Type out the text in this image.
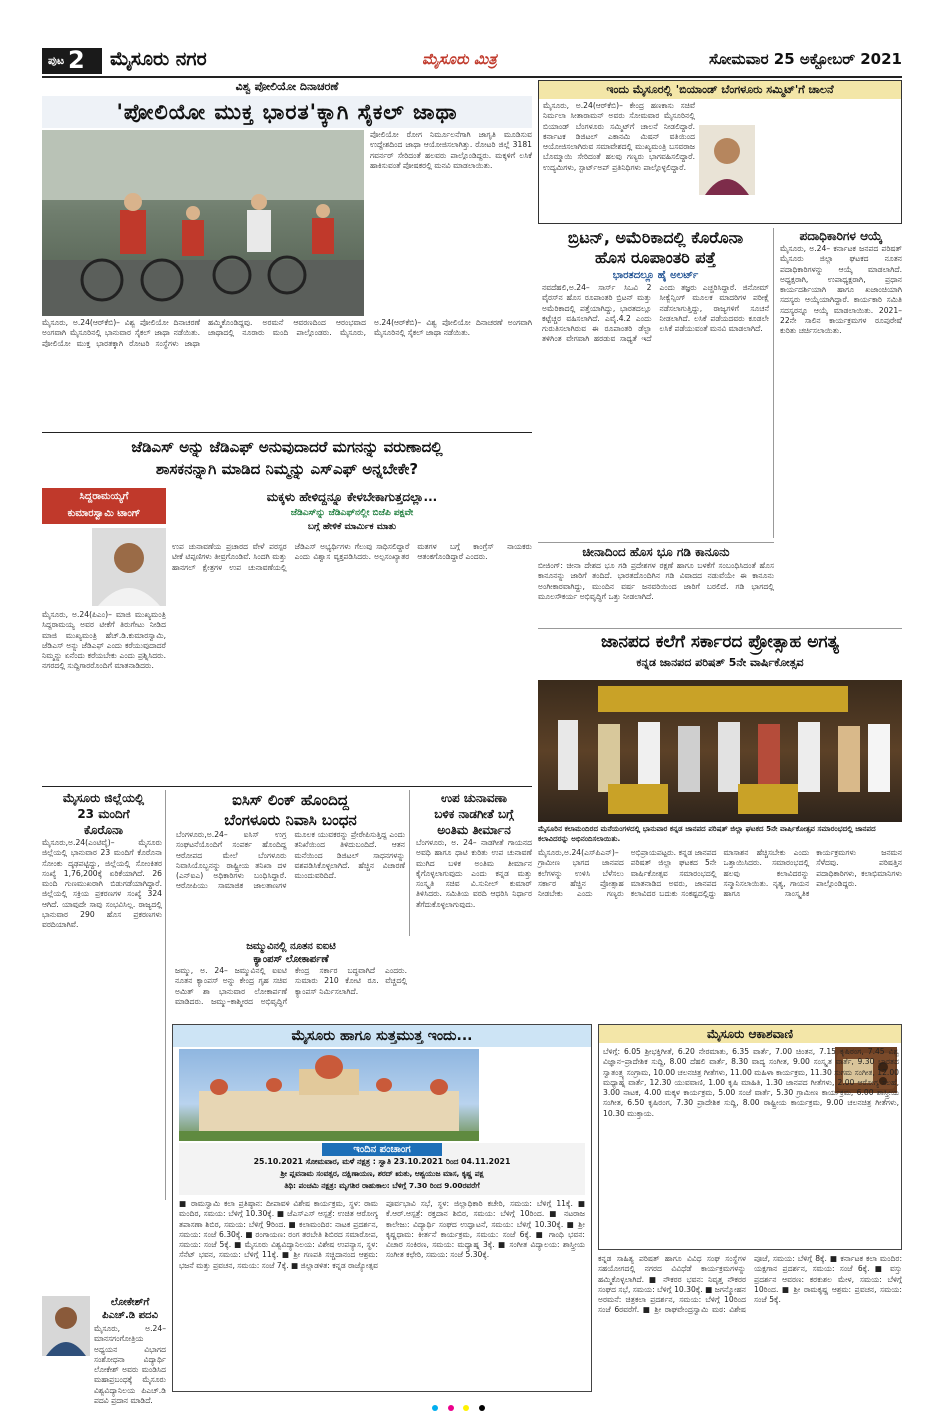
ಪುಟ 2 ಮೈಸೂರು ನಗರ	ಮೈಸೂರು ಮಿತ್ರ	ಸೋಮವಾರ 25 ಅಕ್ಟೋಬರ್ 2021
ವಿಶ್ವ ಪೋಲಿಯೋ ದಿನಾಚರಣೆ
'ಪೋಲಿಯೋ ಮುಕ್ತ ಭಾರತ'ಕ್ಕಾಗಿ ಸೈಕಲ್ ಜಾಥಾ
ಪೋಲಿಯೋ ರೋಗ ನಿರ್ಮೂಲನೆಗಾಗಿ ಜಾಗೃತಿ ಮೂಡಿಸುವ ಉದ್ದೇಶದಿಂದ ಜಾಥಾ ಆಯೋಜಿಸಲಾಗಿತ್ತು. ರೋಟರಿ ಜಿಲ್ಲೆ 3181 ಗವರ್ನರ್ ಸೇರಿದಂತೆ ಹಲವರು ಪಾಲ್ಗೊಂಡಿದ್ದರು. ಮಕ್ಕಳಿಗೆ ಲಸಿಕೆ ಹಾಕಿಸುವಂತೆ ಪೋಷಕರಲ್ಲಿ ಮನವಿ ಮಾಡಲಾಯಿತು.
ಮೈಸೂರು, ಅ.24(ಆರ್‌ಕೆಬಿ)– ವಿಶ್ವ ಪೋಲಿಯೋ ದಿನಾಚರಣೆ ಅಂಗವಾಗಿ ಮೈಸೂರಿನಲ್ಲಿ ಭಾನುವಾರ ಸೈಕಲ್ ಜಾಥಾ ನಡೆಯಿತು. ಪೋಲಿಯೋ ಮುಕ್ತ ಭಾರತಕ್ಕಾಗಿ ರೋಟರಿ ಸಂಸ್ಥೆಗಳು ಜಾಥಾ ಹಮ್ಮಿಕೊಂಡಿದ್ದವು. ಅರಮನೆ ಆವರಣದಿಂದ ಆರಂಭವಾದ ಜಾಥಾದಲ್ಲಿ ನೂರಾರು ಮಂದಿ ಪಾಲ್ಗೊಂಡರು. ಮೈಸೂರು, ಅ.24(ಆರ್‌ಕೆಬಿ)– ವಿಶ್ವ ಪೋಲಿಯೋ ದಿನಾಚರಣೆ ಅಂಗವಾಗಿ ಮೈಸೂರಿನಲ್ಲಿ ಸೈಕಲ್ ಜಾಥಾ ನಡೆಯಿತು.
ಇಂದು ಮೈಸೂರಲ್ಲಿ 'ಬಿಯಾಂಡ್ ಬೆಂಗಳೂರು ಸಮ್ಮಿಟ್'ಗೆ ಚಾಲನೆ
ಮೈಸೂರು, ಅ.24(ಆರ್‌ಕೆಬಿ)– ಕೇಂದ್ರ ಹಣಕಾಸು ಸಚಿವೆ ನಿರ್ಮಲಾ ಸೀತಾರಾಮನ್ ಅವರು ಸೋಮವಾರ ಮೈಸೂರಿನಲ್ಲಿ ಬಿಯಾಂಡ್ ಬೆಂಗಳೂರು ಸಮ್ಮಿಟ್‌ಗೆ ಚಾಲನೆ ನೀಡಲಿದ್ದಾರೆ. ಕರ್ನಾಟಕ ಡಿಜಿಟಲ್ ಎಕಾನಮಿ ಮಿಷನ್ ವತಿಯಿಂದ ಆಯೋಜಿಸಲಾಗಿರುವ ಸಮಾವೇಶದಲ್ಲಿ ಮುಖ್ಯಮಂತ್ರಿ ಬಸವರಾಜ ಬೊಮ್ಮಾಯಿ ಸೇರಿದಂತೆ ಹಲವು ಗಣ್ಯರು ಭಾಗವಹಿಸಲಿದ್ದಾರೆ. ಉದ್ಯಮಿಗಳು, ಸ್ಟಾರ್ಟ್‌ಅಪ್ ಪ್ರತಿನಿಧಿಗಳು ಪಾಲ್ಗೊಳ್ಳಲಿದ್ದಾರೆ.
ಬ್ರಿಟನ್, ಅಮೆರಿಕಾದಲ್ಲಿ ಕೊರೊನಾ
ಹೊಸ ರೂಪಾಂತರಿ ಪತ್ತೆ
ಭಾರತದಲ್ಲೂ ಹೈ ಅಲರ್ಟ್
ನವದೆಹಲಿ,ಅ.24– ಸಾರ್ಸ್ ಸಿಒವಿ 2 ವೈರಸ್‌ನ ಹೊಸ ರೂಪಾಂತರಿ ಬ್ರಿಟನ್ ಮತ್ತು ಅಮೆರಿಕಾದಲ್ಲಿ ಪತ್ತೆಯಾಗಿದ್ದು, ಭಾರತದಲ್ಲೂ ಕಟ್ಟೆಚ್ಚರ ವಹಿಸಲಾಗಿದೆ. ಎವೈ.4.2 ಎಂದು ಗುರುತಿಸಲಾಗಿರುವ ಈ ರೂಪಾಂತರಿ ಡೆಲ್ಟಾ ತಳಿಗಿಂತ ವೇಗವಾಗಿ ಹರಡುವ ಸಾಧ್ಯತೆ ಇದೆ ಎಂದು ತಜ್ಞರು ಎಚ್ಚರಿಸಿದ್ದಾರೆ. ಜಿನೋಮ್ ಸೀಕ್ವೆನ್ಸಿಂಗ್ ಮೂಲಕ ಮಾದರಿಗಳ ಪರೀಕ್ಷೆ ನಡೆಸಲಾಗುತ್ತಿದ್ದು, ರಾಜ್ಯಗಳಿಗೆ ಸೂಚನೆ ನೀಡಲಾಗಿದೆ. ಲಸಿಕೆ ಪಡೆಯದವರು ಕೂಡಲೇ ಲಸಿಕೆ ಪಡೆಯುವಂತೆ ಮನವಿ ಮಾಡಲಾಗಿದೆ.
ಪದಾಧಿಕಾರಿಗಳ ಆಯ್ಕೆ
ಮೈಸೂರು, ಅ.24– ಕರ್ನಾಟಕ ಜನಪದ ಪರಿಷತ್ ಮೈಸೂರು ಜಿಲ್ಲಾ ಘಟಕದ ನೂತನ ಪದಾಧಿಕಾರಿಗಳನ್ನು ಆಯ್ಕೆ ಮಾಡಲಾಗಿದೆ. ಅಧ್ಯಕ್ಷರಾಗಿ, ಉಪಾಧ್ಯಕ್ಷರಾಗಿ, ಪ್ರಧಾನ ಕಾರ್ಯದರ್ಶಿಯಾಗಿ ಹಾಗೂ ಖಜಾಂಚಿಯಾಗಿ ಸದಸ್ಯರು ಆಯ್ಕೆಯಾಗಿದ್ದಾರೆ. ಕಾರ್ಯಕಾರಿ ಸಮಿತಿ ಸದಸ್ಯರನ್ನೂ ಆಯ್ಕೆ ಮಾಡಲಾಯಿತು. 2021–22ನೇ ಸಾಲಿನ ಕಾರ್ಯಕ್ರಮಗಳ ರೂಪುರೇಷೆ ಕುರಿತು ಚರ್ಚಿಸಲಾಯಿತು.
ಚೀನಾದಿಂದ ಹೊಸ ಭೂ ಗಡಿ ಕಾನೂನು
ಬೀಜಿಂಗ್: ಚೀನಾ ದೇಶದ ಭೂ ಗಡಿ ಪ್ರದೇಶಗಳ ರಕ್ಷಣೆ ಹಾಗೂ ಬಳಕೆಗೆ ಸಂಬಂಧಿಸಿದಂತೆ ಹೊಸ ಕಾನೂನನ್ನು ಜಾರಿಗೆ ತಂದಿದೆ. ಭಾರತದೊಂದಿಗಿನ ಗಡಿ ವಿವಾದದ ನಡುವೆಯೇ ಈ ಕಾನೂನು ಅಂಗೀಕಾರವಾಗಿದ್ದು, ಮುಂದಿನ ವರ್ಷ ಜನವರಿಯಿಂದ ಜಾರಿಗೆ ಬರಲಿದೆ. ಗಡಿ ಭಾಗದಲ್ಲಿ ಮೂಲಸೌಕರ್ಯ ಅಭಿವೃದ್ಧಿಗೆ ಒತ್ತು ನೀಡಲಾಗಿದೆ.
ಜೆಡಿಎಸ್ ಅನ್ನು ಜೆಡಿಎಫ್ ಅನುವುದಾದರೆ ಮಗನನ್ನು ವರುಣಾದಲ್ಲಿ
ಶಾಸಕನನ್ನಾಗಿ ಮಾಡಿದ ನಿಮ್ಮನ್ನು ಎಸ್‌ಎಫ್ ಅನ್ನಬೇಕೇ?
ಸಿದ್ದರಾಮಯ್ಯಗೆ
ಕುಮಾರಸ್ವಾಮಿ ಟಾಂಗ್
ಮಕ್ಕಳು ಹೇಳಿದ್ದನ್ನೂ ಕೇಳಬೇಕಾಗುತ್ತದಲ್ಲಾ...
ಜೆಡಿಎಸ್‌ನ್ನು ಜೆಡಿಎಫ್‌ನಲ್ಲೀ ಬಿಜೆಪಿ ಪಕ್ಷವೇ
ಬಗ್ಗೆ ಹೇಳಿಕೆ ಮಾರ್ಮಿಕ ಮಾತು
ಮೈಸೂರು, ಅ.24(ಪಿಎಂ)– ಮಾಜಿ ಮುಖ್ಯಮಂತ್ರಿ ಸಿದ್ದರಾಮಯ್ಯ ಅವರ ಟೀಕೆಗೆ ತಿರುಗೇಟು ನೀಡಿದ ಮಾಜಿ ಮುಖ್ಯಮಂತ್ರಿ ಹೆಚ್.ಡಿ.ಕುಮಾರಸ್ವಾಮಿ, ಜೆಡಿಎಸ್ ಅನ್ನು ಜೆಡಿಎಫ್ ಎಂದು ಕರೆಯುವುದಾದರೆ ನಿಮ್ಮನ್ನು ಏನೆಂದು ಕರೆಯಬೇಕು ಎಂದು ಪ್ರಶ್ನಿಸಿದರು. ನಗರದಲ್ಲಿ ಸುದ್ದಿಗಾರರೊಂದಿಗೆ ಮಾತನಾಡಿದರು.
ಉಪ ಚುನಾವಣೆಯ ಪ್ರಚಾರದ ವೇಳೆ ಪರಸ್ಪರ ಟೀಕೆ ಟಿಪ್ಪಣಿಗಳು ತೀವ್ರಗೊಂಡಿವೆ. ಸಿಂದಗಿ ಮತ್ತು ಹಾನಗಲ್ ಕ್ಷೇತ್ರಗಳ ಉಪ ಚುನಾವಣೆಯಲ್ಲಿ ಜೆಡಿಎಸ್ ಅಭ್ಯರ್ಥಿಗಳು ಗೆಲುವು ಸಾಧಿಸಲಿದ್ದಾರೆ ಎಂದು ವಿಶ್ವಾಸ ವ್ಯಕ್ತಪಡಿಸಿದರು. ಅಲ್ಪಸಂಖ್ಯಾತರ ಮತಗಳ ಬಗ್ಗೆ ಕಾಂಗ್ರೆಸ್ ನಾಯಕರು ಆತಂಕಗೊಂಡಿದ್ದಾರೆ ಎಂದರು.
ಜಾನಪದ ಕಲೆಗೆ ಸರ್ಕಾರದ ಪ್ರೋತ್ಸಾಹ ಅಗತ್ಯ
ಕನ್ನಡ ಜಾನಪದ ಪರಿಷತ್ 5ನೇ ವಾರ್ಷಿಕೋತ್ಸವ
ಮೈಸೂರಿನ ಕಲಾಮಂದಿರದ ಮನೆಯಂಗಳದಲ್ಲಿ ಭಾನುವಾರ ಕನ್ನಡ ಜಾನಪದ ಪರಿಷತ್ ಜಿಲ್ಲಾ ಘಟಕದ 5ನೇ ವಾರ್ಷಿಕೋತ್ಸವ ಸಮಾರಂಭದಲ್ಲಿ ಜಾನಪದ ಕಲಾವಿದರನ್ನು ಅಭಿನಂದಿಸಲಾಯಿತು.
ಮೈಸೂರು,ಅ.24(ಎಸ್‌ಪಿಎನ್)– ಗ್ರಾಮೀಣ ಭಾಗದ ಜಾನಪದ ಕಲೆಗಳನ್ನು ಉಳಿಸಿ ಬೆಳೆಸಲು ಸರ್ಕಾರ ಹೆಚ್ಚಿನ ಪ್ರೋತ್ಸಾಹ ನೀಡಬೇಕು ಎಂದು ಗಣ್ಯರು ಅಭಿಪ್ರಾಯಪಟ್ಟರು. ಕನ್ನಡ ಜಾನಪದ ಪರಿಷತ್ ಜಿಲ್ಲಾ ಘಟಕದ 5ನೇ ವಾರ್ಷಿಕೋತ್ಸವ ಸಮಾರಂಭದಲ್ಲಿ ಮಾತನಾಡಿದ ಅವರು, ಜಾನಪದ ಕಲಾವಿದರ ಬದುಕು ಸಂಕಷ್ಟದಲ್ಲಿದ್ದು ಮಾಸಾಶನ ಹೆಚ್ಚಿಸಬೇಕು ಎಂದು ಒತ್ತಾಯಿಸಿದರು. ಸಮಾರಂಭದಲ್ಲಿ ಹಲವು ಕಲಾವಿದರನ್ನು ಸನ್ಮಾನಿಸಲಾಯಿತು. ನೃತ್ಯ, ಗಾಯನ ಹಾಗೂ ಸಾಂಸ್ಕೃತಿಕ ಕಾರ್ಯಕ್ರಮಗಳು ಜನಮನ ಸೆಳೆದವು. ಪರಿಷತ್ತಿನ ಪದಾಧಿಕಾರಿಗಳು, ಕಲಾಭಿಮಾನಿಗಳು ಪಾಲ್ಗೊಂಡಿದ್ದರು.
ಮೈಸೂರು ಜಿಲ್ಲೆಯಲ್ಲಿ
23 ಮಂದಿಗೆ
ಕೊರೊನಾ
ಮೈಸೂರು,ಅ.24(ಎಂಟಿವೈ)– ಮೈಸೂರು ಜಿಲ್ಲೆಯಲ್ಲಿ ಭಾನುವಾರ 23 ಮಂದಿಗೆ ಕೊರೊನಾ ಸೋಂಕು ದೃಢಪಟ್ಟಿದ್ದು, ಜಿಲ್ಲೆಯಲ್ಲಿ ಸೋಂಕಿತರ ಸಂಖ್ಯೆ 1,76,200ಕ್ಕೆ ಏರಿಕೆಯಾಗಿದೆ. 26 ಮಂದಿ ಗುಣಮುಖರಾಗಿ ಬಿಡುಗಡೆಯಾಗಿದ್ದಾರೆ. ಜಿಲ್ಲೆಯಲ್ಲಿ ಸಕ್ರಿಯ ಪ್ರಕರಣಗಳ ಸಂಖ್ಯೆ 324 ಆಗಿದೆ. ಯಾವುದೇ ಸಾವು ಸಂಭವಿಸಿಲ್ಲ. ರಾಜ್ಯದಲ್ಲಿ ಭಾನುವಾರ 290 ಹೊಸ ಪ್ರಕರಣಗಳು ವರದಿಯಾಗಿವೆ.
ಐಸಿಸ್ ಲಿಂಕ್ ಹೊಂದಿದ್ದ
ಬೆಂಗಳೂರು ನಿವಾಸಿ ಬಂಧನ
ಬೆಂಗಳೂರು,ಅ.24– ಐಸಿಸ್ ಉಗ್ರ ಸಂಘಟನೆಯೊಂದಿಗೆ ಸಂಪರ್ಕ ಹೊಂದಿದ್ದ ಆರೋಪದ ಮೇಲೆ ಬೆಂಗಳೂರು ನಿವಾಸಿಯೊಬ್ಬನನ್ನು ರಾಷ್ಟ್ರೀಯ ತನಿಖಾ ದಳ (ಎನ್‌ಐಎ) ಅಧಿಕಾರಿಗಳು ಬಂಧಿಸಿದ್ದಾರೆ. ಆರೋಪಿಯು ಸಾಮಾಜಿಕ ಜಾಲತಾಣಗಳ ಮೂಲಕ ಯುವಕರನ್ನು ಪ್ರೇರೇಪಿಸುತ್ತಿದ್ದ ಎಂದು ತನಿಖೆಯಿಂದ ತಿಳಿದುಬಂದಿದೆ. ಆತನ ಮನೆಯಿಂದ ಡಿಜಿಟಲ್ ಸಾಧನಗಳನ್ನು ವಶಪಡಿಸಿಕೊಳ್ಳಲಾಗಿದೆ. ಹೆಚ್ಚಿನ ವಿಚಾರಣೆ ಮುಂದುವರಿದಿದೆ.
ಉಪ ಚುನಾವಣಾ
ಬಳಿಕ ನಾಡಗೀತೆ ಬಗ್ಗೆ
ಅಂತಿಮ ತೀರ್ಮಾನ
ಬೆಂಗಳೂರು, ಅ. 24– ನಾಡಗೀತೆ ಗಾಯನದ ಅವಧಿ ಹಾಗೂ ಧಾಟಿ ಕುರಿತು ಉಪ ಚುನಾವಣೆ ಮುಗಿದ ಬಳಿಕ ಅಂತಿಮ ತೀರ್ಮಾನ ಕೈಗೊಳ್ಳಲಾಗುವುದು ಎಂದು ಕನ್ನಡ ಮತ್ತು ಸಂಸ್ಕೃತಿ ಸಚಿವ ವಿ.ಸುನೀಲ್ ಕುಮಾರ್ ತಿಳಿಸಿದರು. ಸಮಿತಿಯ ವರದಿ ಆಧರಿಸಿ ನಿರ್ಧಾರ ತೆಗೆದುಕೊಳ್ಳಲಾಗುವುದು.
ಜಮ್ಮುವಿನಲ್ಲಿ ನೂತನ ಐಐಟಿ
ಕ್ಯಾಂಪಸ್ ಲೋಕಾರ್ಪಣೆ
ಜಮ್ಮು, ಅ. 24– ಜಮ್ಮುವಿನಲ್ಲಿ ಐಐಟಿ ನೂತನ ಕ್ಯಾಂಪಸ್ ಅನ್ನು ಕೇಂದ್ರ ಗೃಹ ಸಚಿವ ಅಮಿತ್ ಶಾ ಭಾನುವಾರ ಲೋಕಾರ್ಪಣೆ ಮಾಡಿದರು. ಜಮ್ಮು–ಕಾಶ್ಮೀರದ ಅಭಿವೃದ್ಧಿಗೆ ಕೇಂದ್ರ ಸರ್ಕಾರ ಬದ್ಧವಾಗಿದೆ ಎಂದರು. ಸುಮಾರು 210 ಕೋಟಿ ರೂ. ವೆಚ್ಚದಲ್ಲಿ ಕ್ಯಾಂಪಸ್ ನಿರ್ಮಿಸಲಾಗಿದೆ.
ಮೈಸೂರು ಹಾಗೂ ಸುತ್ತಮುತ್ತ ಇಂದು...
ಇಂದಿನ ಪಂಚಾಂಗ
25.10.2021 ಸೋಮವಾರ, ಮಳೆ ನಕ್ಷತ್ರ : ಸ್ವಾತಿ 23.10.2021 ರಿಂದ 04.11.2021
ಶ್ರೀ ಪ್ಲವನಾಮ ಸಂವತ್ಸರ, ದಕ್ಷಿಣಾಯಣ, ಶರದ್ ಋತು, ಆಶ್ವಯುಜ ಮಾಸ, ಕೃಷ್ಣ ಪಕ್ಷ
ತಿಥಿ: ಪಂಚಮಿ ನಕ್ಷತ್ರ: ಮೃಗಶಿರ ರಾಹುಕಾಲ: ಬೆಳಿಗ್ಗೆ 7.30 ರಿಂದ 9.00ರವರೆಗೆ
■ ರಾಮಸ್ವಾಮಿ ಕಲಾ ಪ್ರತಿಷ್ಠಾನ: ದೀಪಾವಳಿ ವಿಶೇಷ ಕಾರ್ಯಕ್ರಮ, ಸ್ಥಳ: ರಾಮ ಮಂದಿರ, ಸಮಯ: ಬೆಳಿಗ್ಗೆ 10.30ಕ್ಕೆ. ■ ಜೆಎಸ್‌ಎಸ್ ಆಸ್ಪತ್ರೆ: ಉಚಿತ ಆರೋಗ್ಯ ತಪಾಸಣಾ ಶಿಬಿರ, ಸಮಯ: ಬೆಳಿಗ್ಗೆ 9ರಿಂದ. ■ ಕಲಾಮಂದಿರ: ನಾಟಕ ಪ್ರದರ್ಶನ, ಸಮಯ: ಸಂಜೆ 6.30ಕ್ಕೆ. ■ ರಂಗಾಯಣ: ರಂಗ ತರಬೇತಿ ಶಿಬಿರದ ಸಮಾರೋಪ, ಸಮಯ: ಸಂಜೆ 5ಕ್ಕೆ. ■ ಮೈಸೂರು ವಿಶ್ವವಿದ್ಯಾನಿಲಯ: ವಿಶೇಷ ಉಪನ್ಯಾಸ, ಸ್ಥಳ: ಸೆನೆಟ್ ಭವನ, ಸಮಯ: ಬೆಳಿಗ್ಗೆ 11ಕ್ಕೆ. ■ ಶ್ರೀ ಗಣಪತಿ ಸಚ್ಚಿದಾನಂದ ಆಶ್ರಮ: ಭಜನೆ ಮತ್ತು ಪ್ರವಚನ, ಸಮಯ: ಸಂಜೆ 7ಕ್ಕೆ. ■ ಜಿಲ್ಲಾಡಳಿತ: ಕನ್ನಡ ರಾಜ್ಯೋತ್ಸವ ಪೂರ್ವಭಾವಿ ಸಭೆ, ಸ್ಥಳ: ಜಿಲ್ಲಾಧಿಕಾರಿ ಕಚೇರಿ, ಸಮಯ: ಬೆಳಿಗ್ಗೆ 11ಕ್ಕೆ. ■ ಕೆ.ಆರ್.ಆಸ್ಪತ್ರೆ: ರಕ್ತದಾನ ಶಿಬಿರ, ಸಮಯ: ಬೆಳಿಗ್ಗೆ 10ರಿಂದ. ■ ನಟರಾಜ ಕಾಲೇಜು: ವಿದ್ಯಾರ್ಥಿ ಸಂಘದ ಉದ್ಘಾಟನೆ, ಸಮಯ: ಬೆಳಿಗ್ಗೆ 10.30ಕ್ಕೆ. ■ ಶ್ರೀ ಕೃಷ್ಣಧಾಮ: ಕೀರ್ತನೆ ಕಾರ್ಯಕ್ರಮ, ಸಮಯ: ಸಂಜೆ 6ಕ್ಕೆ. ■ ಗಾಂಧಿ ಭವನ: ವಿಚಾರ ಸಂಕಿರಣ, ಸಮಯ: ಮಧ್ಯಾಹ್ನ 3ಕ್ಕೆ. ■ ಸಂಗೀತ ವಿದ್ಯಾಲಯ: ಶಾಸ್ತ್ರೀಯ ಸಂಗೀತ ಕಛೇರಿ, ಸಮಯ: ಸಂಜೆ 5.30ಕ್ಕೆ.
ಮೈಸೂರು ಆಕಾಶವಾಣಿ
ಬೆಳಿಗ್ಗೆ: 6.05 ಶ್ರೀಭಕ್ತಿಗೀತೆ, 6.20 ನೇರಮಾತು, 6.35 ವಾರ್ತೆ, 7.00 ಚಿಂತನ, 7.15 ಕೃಷಿರಂಗ, 7.45 ವಿಶ್ವ ವಿಜ್ಞಾನ–ಪ್ರಾದೇಶಿಕ ಸುದ್ದಿ, 8.00 ದೆಹಲಿ ವಾರ್ತೆ, 8.30 ವಾದ್ಯ ಸಂಗೀತ, 9.00 ಸಂಸ್ಕೃತ ವಾರ್ತೆ, 9.30 ಭಾರತದ ಸ್ವಾತಂತ್ರ್ಯ ಸಂಗ್ರಾಮ, 10.00 ಚಲನಚಿತ್ರ ಗೀತೆಗಳು, 11.00 ಮಹಿಳಾ ಕಾರ್ಯಕ್ರಮ, 11.30 ಸುಗಮ ಸಂಗೀತ, 12.00 ಮಧ್ಯಾಹ್ನ ವಾರ್ತೆ, 12.30 ಯುವವಾಣಿ, 1.00 ಕೃಷಿ ಮಾಹಿತಿ, 1.30 ಜಾನಪದ ಗೀತೆಗಳು, 2.00 ಆರೋಗ್ಯ ಸಲಹೆ, 3.00 ನಾಟಕ, 4.00 ಮಕ್ಕಳ ಕಾರ್ಯಕ್ರಮ, 5.00 ಸಂಜೆ ವಾರ್ತೆ, 5.30 ಗ್ರಾಮೀಣ ಕಾರ್ಯಕ್ರಮ, 6.00 ಶಾಸ್ತ್ರೀಯ ಸಂಗೀತ, 6.50 ಕೃಷಿರಂಗ, 7.30 ಪ್ರಾದೇಶಿಕ ಸುದ್ದಿ, 8.00 ರಾಷ್ಟ್ರೀಯ ಕಾರ್ಯಕ್ರಮ, 9.00 ಚಲನಚಿತ್ರ ಗೀತೆಗಳು, 10.30 ಮುಕ್ತಾಯ.
ಕನ್ನಡ ಸಾಹಿತ್ಯ ಪರಿಷತ್ ಹಾಗೂ ವಿವಿಧ ಸಂಘ ಸಂಸ್ಥೆಗಳ ಸಹಯೋಗದಲ್ಲಿ ನಗರದ ವಿವಿಧೆಡೆ ಕಾರ್ಯಕ್ರಮಗಳನ್ನು ಹಮ್ಮಿಕೊಳ್ಳಲಾಗಿದೆ. ■ ನೌಕರರ ಭವನ: ನಿವೃತ್ತ ನೌಕರರ ಸಂಘದ ಸಭೆ, ಸಮಯ: ಬೆಳಿಗ್ಗೆ 10.30ಕ್ಕೆ. ■ ಜಗನ್ಮೋಹನ ಅರಮನೆ: ಚಿತ್ರಕಲಾ ಪ್ರದರ್ಶನ, ಸಮಯ: ಬೆಳಿಗ್ಗೆ 10ರಿಂದ ಸಂಜೆ 6ರವರೆಗೆ. ■ ಶ್ರೀ ರಾಘವೇಂದ್ರಸ್ವಾಮಿ ಮಠ: ವಿಶೇಷ ಪೂಜೆ, ಸಮಯ: ಬೆಳಿಗ್ಗೆ 8ಕ್ಕೆ. ■ ಕರ್ನಾಟಕ ಕಲಾ ಮಂದಿರ: ಯಕ್ಷಗಾನ ಪ್ರದರ್ಶನ, ಸಮಯ: ಸಂಜೆ 6ಕ್ಕೆ. ■ ವಸ್ತು ಪ್ರದರ್ಶನ ಆವರಣ: ಕರಕುಶಲ ಮೇಳ, ಸಮಯ: ಬೆಳಿಗ್ಗೆ 10ರಿಂದ. ■ ಶ್ರೀ ರಾಮಕೃಷ್ಣ ಆಶ್ರಮ: ಪ್ರವಚನ, ಸಮಯ: ಸಂಜೆ 5ಕ್ಕೆ.
ಲೋಕೇಶ್‌ಗೆ ಪಿಎಚ್.ಡಿ ಪದವಿ
ಮೈಸೂರು, ಅ.24– ಮಾನಸಗಂಗೋತ್ರಿಯ ಅಧ್ಯಯನ ವಿಭಾಗದ ಸಂಶೋಧನಾ ವಿದ್ಯಾರ್ಥಿ ಲೋಕೇಶ್ ಅವರು ಮಂಡಿಸಿದ ಮಹಾಪ್ರಬಂಧಕ್ಕೆ ಮೈಸೂರು ವಿಶ್ವವಿದ್ಯಾನಿಲಯ ಪಿಎಚ್.ಡಿ ಪದವಿ ಪ್ರದಾನ ಮಾಡಿದೆ.
